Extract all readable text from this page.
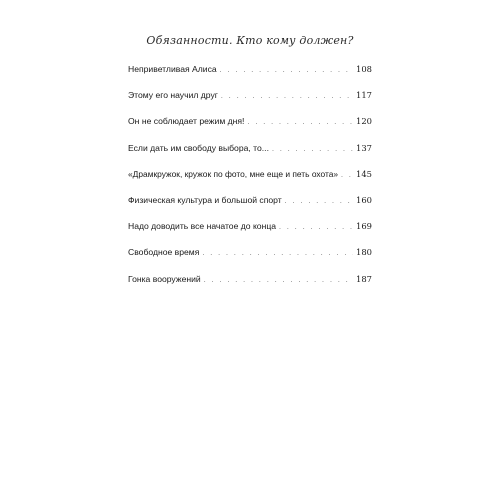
Обязанности. Кто кому должен?
Неприветливая Алиса . . .	108
Этому его научил друг . . .	117
Он не соблюдает режим дня! . . .	120
Если дать им свободу выбора, то... . . .	137
«Драмкружок, кружок по фото, мне еще и петь охота» . . . 145
Физическая культура и большой спорт . . .	160
Надо доводить все начатое до конца . . .	169
Свободное время . . .	180
Гонка вооружений . . .	187
